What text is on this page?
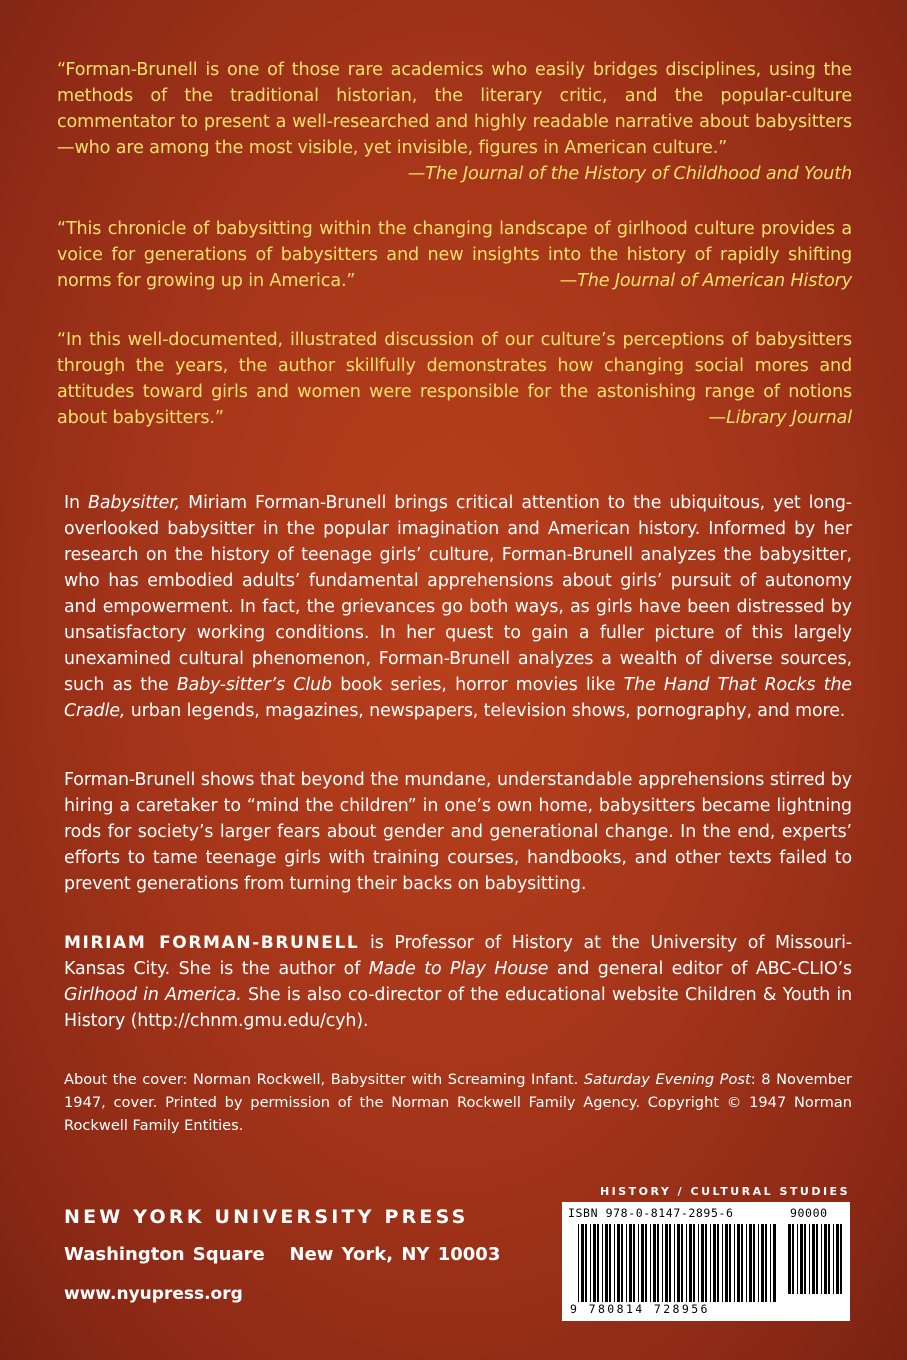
“Forman-Brunell is one of those rare academics who easily bridges disciplines, using the methods of the traditional historian, the literary critic, and the popular-culture commentator to present a well-researched and highly readable narrative about babysitters—who are among the most visible, yet invisible, figures in American culture.”
—The Journal of the History of Childhood and Youth

“This chronicle of babysitting within the changing landscape of girlhood culture provides a voice for generations of babysitters and new insights into the history of rapidly shifting norms for growing up in America.”	—The Journal of American History

“In this well-documented, illustrated discussion of our culture’s perceptions of babysitters through the years, the author skillfully demonstrates how changing social mores and attitudes toward girls and women were responsible for the astonishing range of notions about babysitters.”	—Library Journal

In Babysitter, Miriam Forman-Brunell brings critical attention to the ubiquitous, yet long-overlooked babysitter in the popular imagination and American history. Informed by her research on the history of teenage girls’ culture, Forman-Brunell analyzes the babysitter, who has embodied adults’ fundamental apprehensions about girls’ pursuit of autonomy and empowerment. In fact, the grievances go both ways, as girls have been distressed by unsatisfactory working conditions. In her quest to gain a fuller picture of this largely unexamined cultural phenomenon, Forman-Brunell analyzes a wealth of diverse sources, such as the Baby-sitter’s Club book series, horror movies like The Hand That Rocks the Cradle, urban legends, magazines, newspapers, television shows, pornography, and more.

Forman-Brunell shows that beyond the mundane, understandable apprehensions stirred by hiring a caretaker to “mind the children” in one’s own home, babysitters became lightning rods for society’s larger fears about gender and generational change. In the end, experts’ efforts to tame teenage girls with training courses, handbooks, and other texts failed to prevent generations from turning their backs on babysitting.

MIRIAM FORMAN-BRUNELL is Professor of History at the University of Missouri-Kansas City. She is the author of Made to Play House and general editor of ABC-CLIO’s Girlhood in America. She is also co-director of the educational website Children & Youth in History (http://chnm.gmu.edu/cyh).

About the cover: Norman Rockwell, Babysitter with Screaming Infant. Saturday Evening Post: 8 November 1947, cover. Printed by permission of the Norman Rockwell Family Agency. Copyright © 1947 Norman Rockwell Family Entities.

NEW YORK UNIVERSITY PRESS

Washington Square   New York, NY 10003

www.nyupress.org

HISTORY / CULTURAL STUDIES

ISBN 978-0-8147-2895-6	90000
9 780814 728956
